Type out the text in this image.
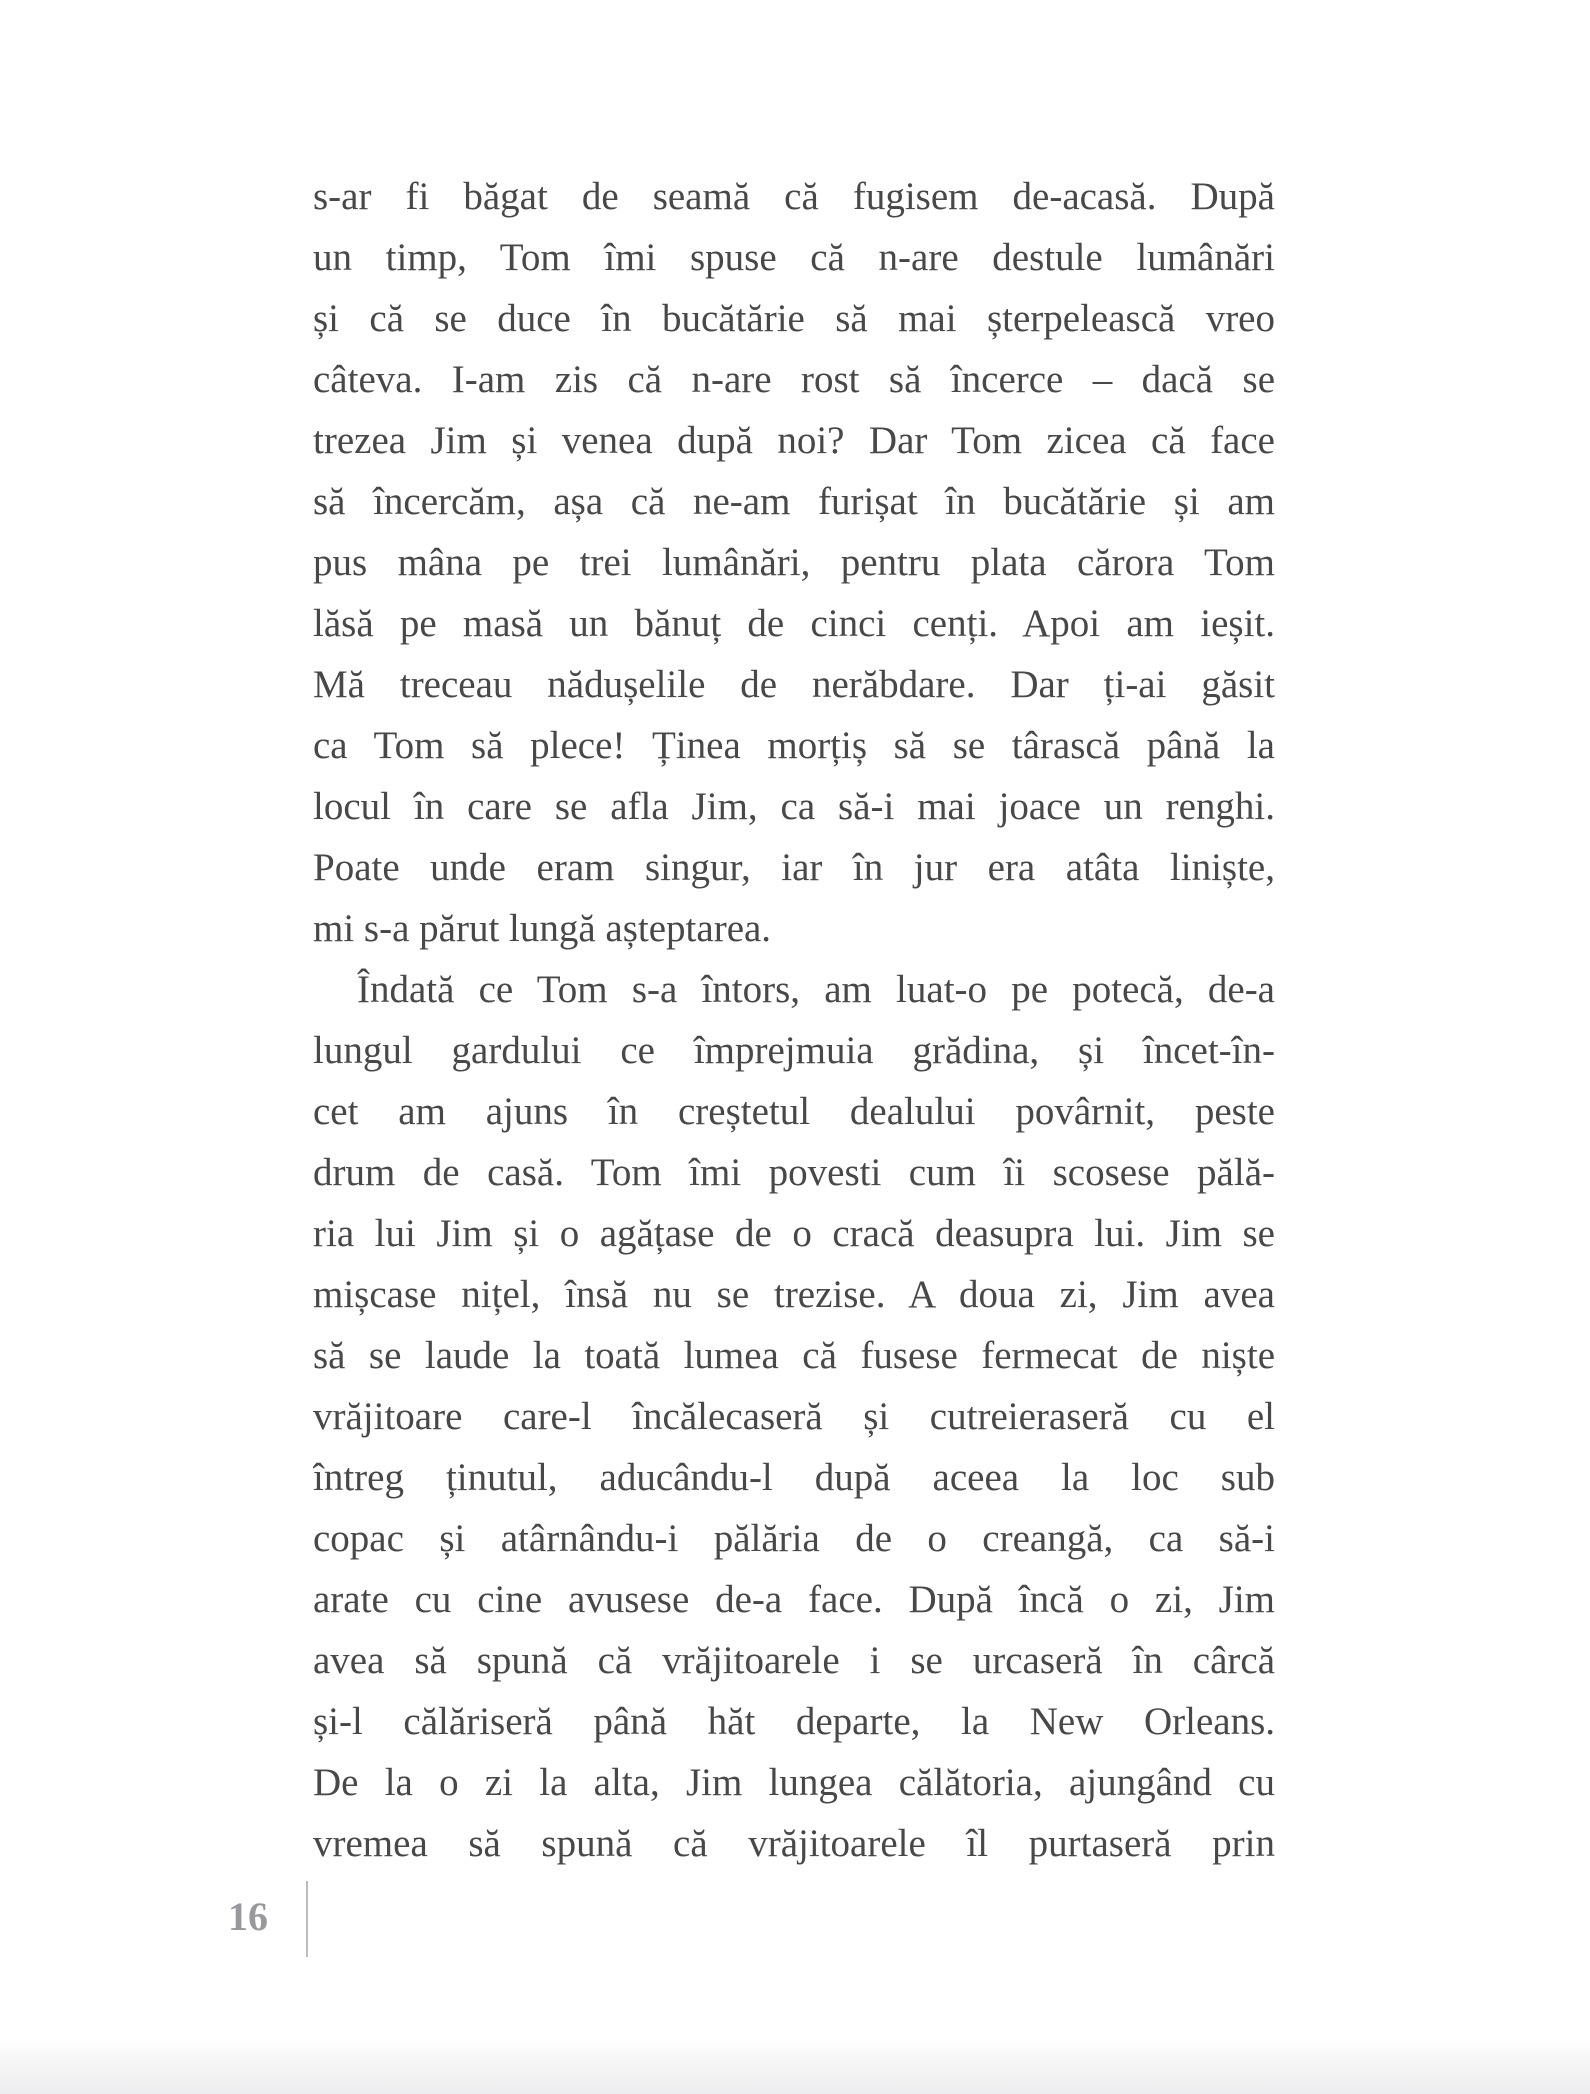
s-ar fi băgat de seamă că fugisem de-acasă. După
un timp, Tom îmi spuse că n-are destule lumânări
și că se duce în bucătărie să mai șterpelească vreo
câteva. I-am zis că n-are rost să încerce – dacă se
trezea Jim și venea după noi? Dar Tom zicea că face
să încercăm, așa că ne-am furișat în bucătărie și am
pus mâna pe trei lumânări, pentru plata cărora Tom
lăsă pe masă un bănuț de cinci cenți. Apoi am ieșit.
Mă treceau nădușelile de nerăbdare. Dar ți-ai găsit
ca Tom să plece! Ținea morțiș să se târască până la
locul în care se afla Jim, ca să-i mai joace un renghi.
Poate unde eram singur, iar în jur era atâta liniște,
mi s-a părut lungă așteptarea.
Îndată ce Tom s-a întors, am luat-o pe potecă, de-a
lungul gardului ce împrejmuia grădina, și încet-în-
cet am ajuns în creștetul dealului povârnit, peste
drum de casă. Tom îmi povesti cum îi scosese pălă-
ria lui Jim și o agățase de o cracă deasupra lui. Jim se
mișcase nițel, însă nu se trezise. A doua zi, Jim avea
să se laude la toată lumea că fusese fermecat de niște
vrăjitoare care-l încălecaseră și cutreieraseră cu el
întreg ținutul, aducându-l după aceea la loc sub
copac și atârnându-i pălăria de o creangă, ca să-i
arate cu cine avusese de-a face. După încă o zi, Jim
avea să spună că vrăjitoarele i se urcaseră în cârcă
și-l călăriseră până hăt departe, la New Orleans.
De la o zi la alta, Jim lungea călătoria, ajungând cu
vremea să spună că vrăjitoarele îl purtaseră prin
16
